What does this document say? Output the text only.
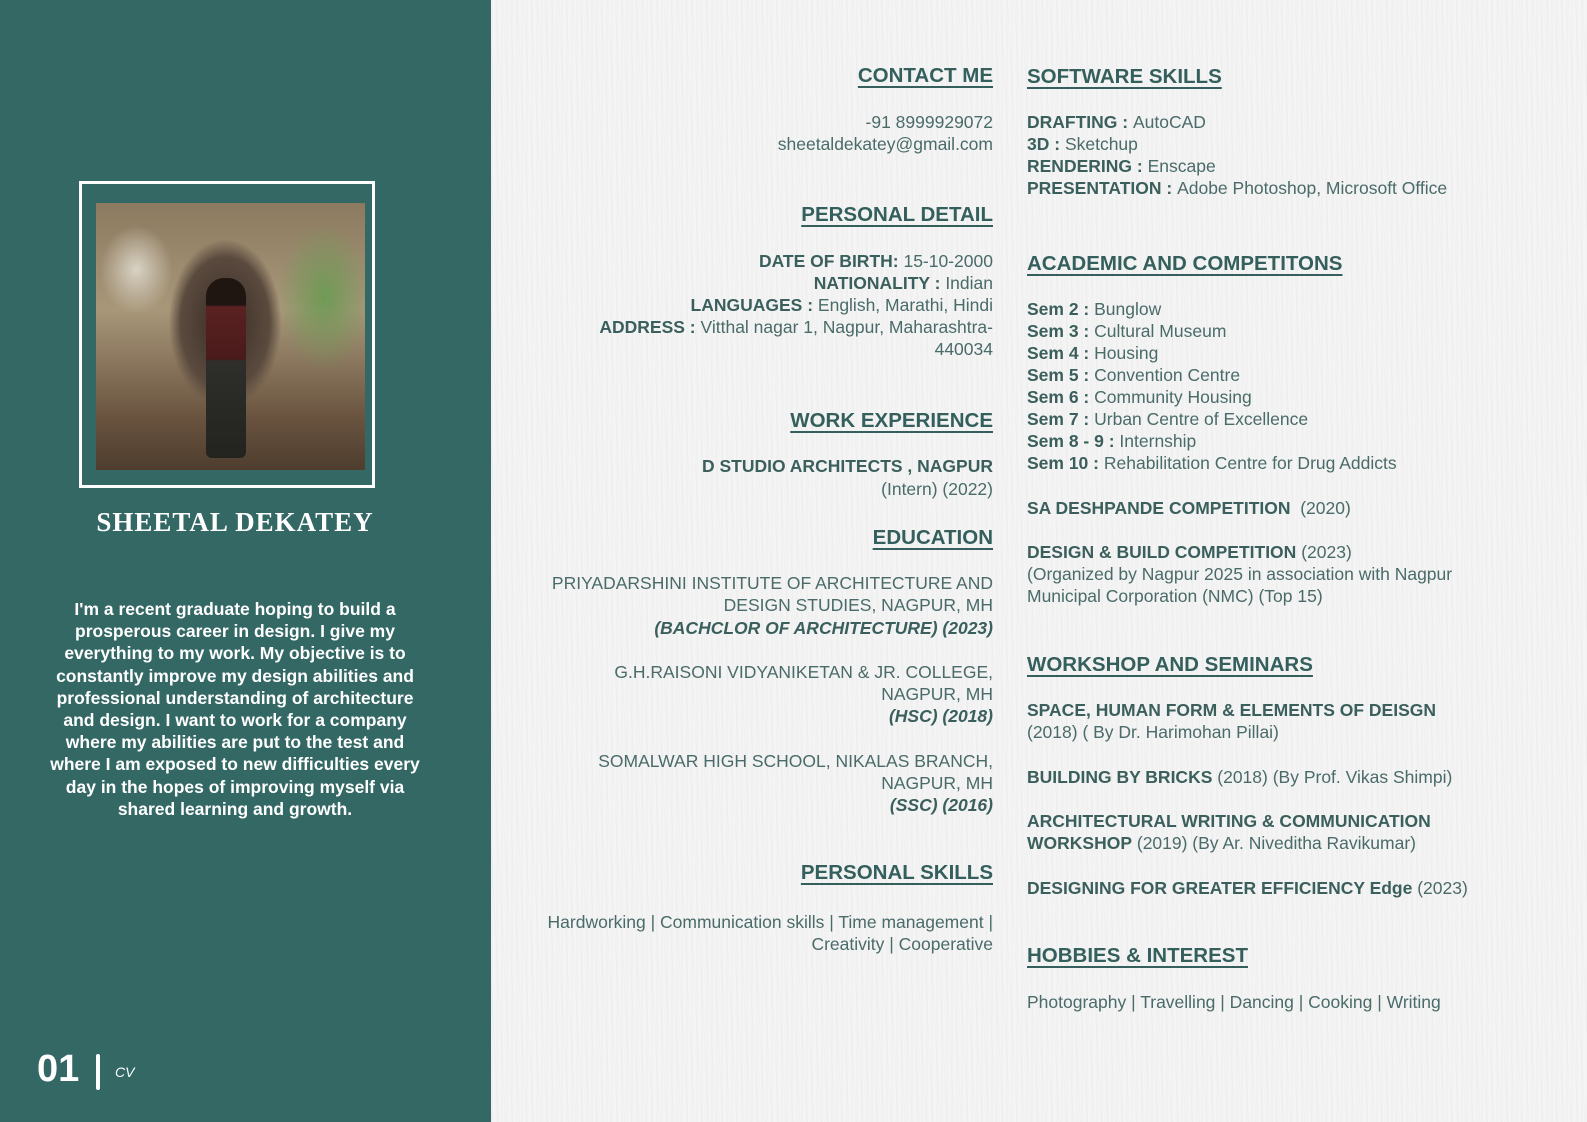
SHEETAL DEKATEY
I'm a recent graduate hoping to build a
prosperous career in design. I give my
everything to my work. My objective is to
constantly improve my design abilities and
professional understanding of architecture
and design. I want to work for a company
where my abilities are put to the test and
where I am exposed to new difficulties every
day in the hopes of improving myself via
shared learning and growth.
01	CV
CONTACT ME
-91 8999929072
sheetaldekatey@gmail.com
PERSONAL DETAIL
DATE OF BIRTH: 15-10-2000
NATIONALITY : Indian
LANGUAGES : English, Marathi, Hindi
ADDRESS : Vitthal nagar 1, Nagpur, Maharashtra-
440034
WORK EXPERIENCE
D STUDIO ARCHITECTS , NAGPUR
(Intern) (2022)
EDUCATION
PRIYADARSHINI INSTITUTE OF ARCHITECTURE AND
DESIGN STUDIES, NAGPUR, MH
(BACHCLOR OF ARCHITECTURE) (2023)
G.H.RAISONI VIDYANIKETAN & JR. COLLEGE,
NAGPUR, MH
(HSC) (2018)
SOMALWAR HIGH SCHOOL, NIKALAS BRANCH,
NAGPUR, MH
(SSC) (2016)
PERSONAL SKILLS
Hardworking | Communication skills | Time management |
Creativity | Cooperative
SOFTWARE SKILLS
DRAFTING : AutoCAD
3D : Sketchup
RENDERING : Enscape
PRESENTATION : Adobe Photoshop, Microsoft Office
ACADEMIC AND COMPETITONS
Sem 2 : Bunglow
Sem 3 : Cultural Museum
Sem 4 : Housing
Sem 5 : Convention Centre
Sem 6 : Community Housing
Sem 7 : Urban Centre of Excellence
Sem 8 - 9 : Internship
Sem 10 : Rehabilitation Centre for Drug Addicts
SA DESHPANDE COMPETITION (2020)
DESIGN & BUILD COMPETITION (2023)
(Organized by Nagpur 2025 in association with Nagpur
Municipal Corporation (NMC) (Top 15)
WORKSHOP AND SEMINARS
SPACE, HUMAN FORM & ELEMENTS OF DEISGN
(2018) ( By Dr. Harimohan Pillai)
BUILDING BY BRICKS (2018) (By Prof. Vikas Shimpi)
ARCHITECTURAL WRITING & COMMUNICATION
WORKSHOP (2019) (By Ar. Niveditha Ravikumar)
DESIGNING FOR GREATER EFFICIENCY Edge (2023)
HOBBIES & INTEREST
Photography | Travelling | Dancing | Cooking | Writing
